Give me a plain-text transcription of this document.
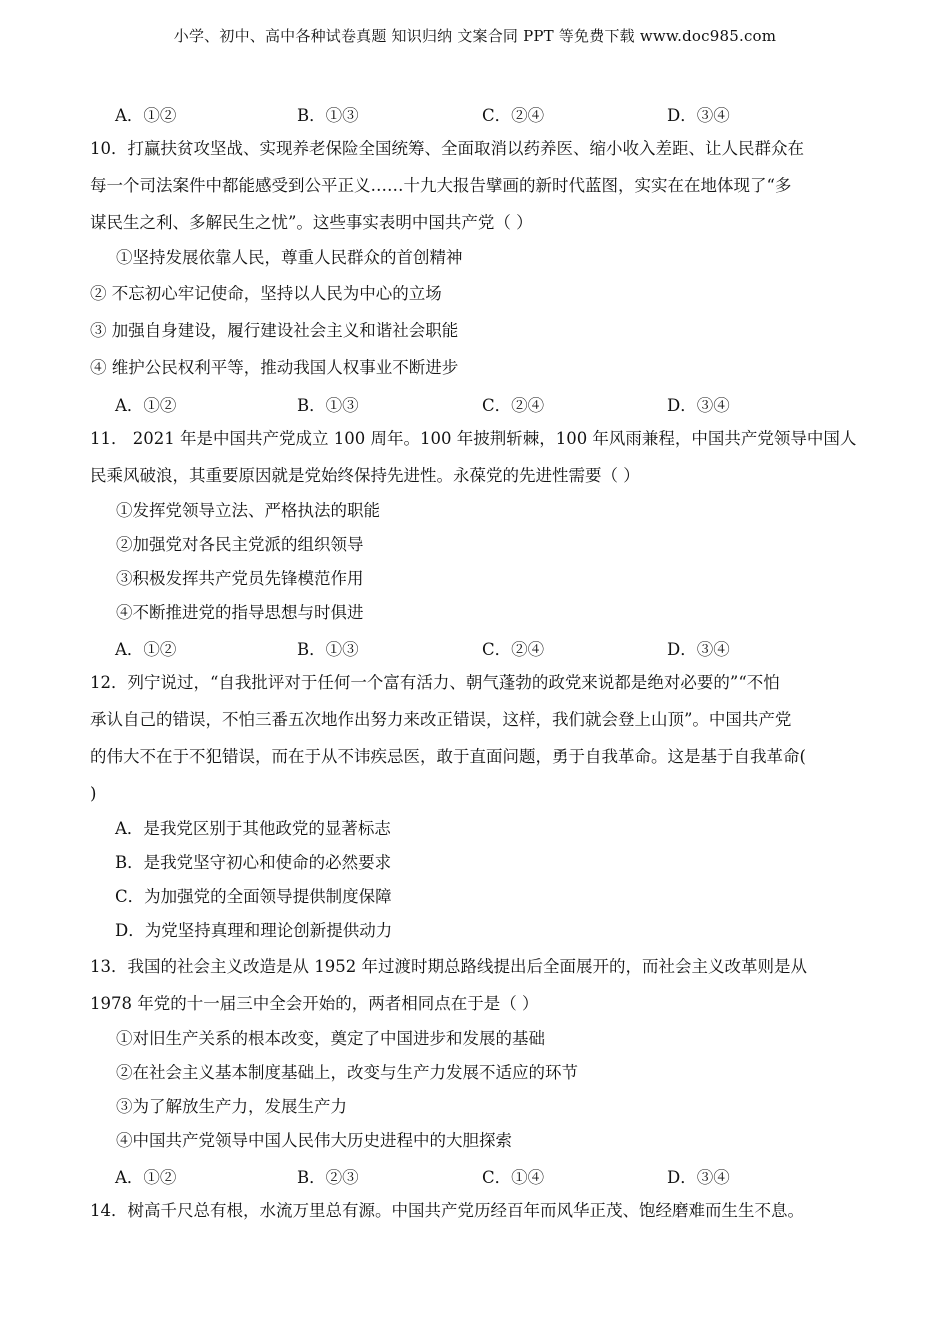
小学、初中、高中各种试卷真题 知识归纳 文案合同 PPT 等免费下载 www.doc985.com
A．①②	B．①③	C．②④	D．③④
10．打赢扶贫攻坚战、实现养老保险全国统筹、全面取消以药养医、缩小收入差距、让人民群众在
每一个司法案件中都能感受到公平正义……十九大报告擘画的新时代蓝图，实实在在地体现了“多
谋民生之利、多解民生之忧”。这些事实表明中国共产党（ ）
①坚持发展依靠人民，尊重人民群众的首创精神
② 不忘初心牢记使命，坚持以人民为中心的立场
③ 加强自身建设，履行建设社会主义和谐社会职能
④ 维护公民权利平等，推动我国人权事业不断进步
A．①②	B．①③	C．②④	D．③④
11． 2021 年是中国共产党成立 100 周年。100 年披荆斩棘，100 年风雨兼程，中国共产党领导中国人
民乘风破浪，其重要原因就是党始终保持先进性。永葆党的先进性需要（ ）
①发挥党领导立法、严格执法的职能
②加强党对各民主党派的组织领导
③积极发挥共产党员先锋模范作用
④不断推进党的指导思想与时俱进
A．①②	B．①③	C．②④	D．③④
12．列宁说过，“自我批评对于任何一个富有活力、朝气蓬勃的政党来说都是绝对必要的”“不怕
承认自己的错误，不怕三番五次地作出努力来改正错误，这样，我们就会登上山顶”。中国共产党
的伟大不在于不犯错误，而在于从不讳疾忌医，敢于直面问题，勇于自我革命。这是基于自我革命(
)
A．是我党区别于其他政党的显著标志
B．是我党坚守初心和使命的必然要求
C．为加强党的全面领导提供制度保障
D．为党坚持真理和理论创新提供动力
13．我国的社会主义改造是从 1952 年过渡时期总路线提出后全面展开的，而社会主义改革则是从
1978 年党的十一届三中全会开始的，两者相同点在于是（ ）
①对旧生产关系的根本改变，奠定了中国进步和发展的基础
②在社会主义基本制度基础上，改变与生产力发展不适应的环节
③为了解放生产力，发展生产力
④中国共产党领导中国人民伟大历史进程中的大胆探索
A．①②	B．②③	C．①④	D．③④
14．树高千尺总有根，水流万里总有源。中国共产党历经百年而风华正茂、饱经磨难而生生不息。
